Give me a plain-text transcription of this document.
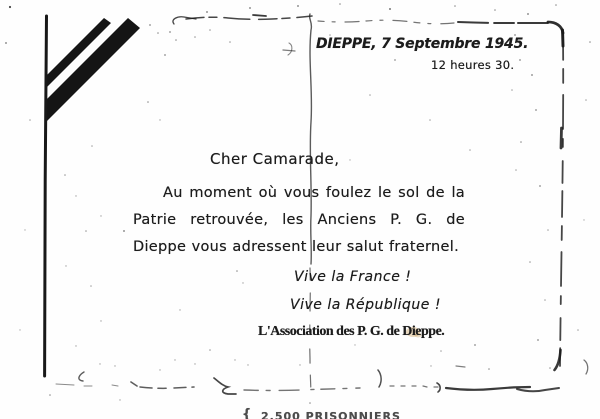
DIEPPE, 7 Septembre 1945.
12 heures 30.
Cher Camarade,
Au moment où vous foulez le sol de la
Patrie retrouvée, les Anciens P. G. de
Dieppe vous adressent leur salut fraternel.
Vive la France !
Vive la République !
L'Association des P. G. de Dieppe.
{ 2.500 PRISONNIERS
